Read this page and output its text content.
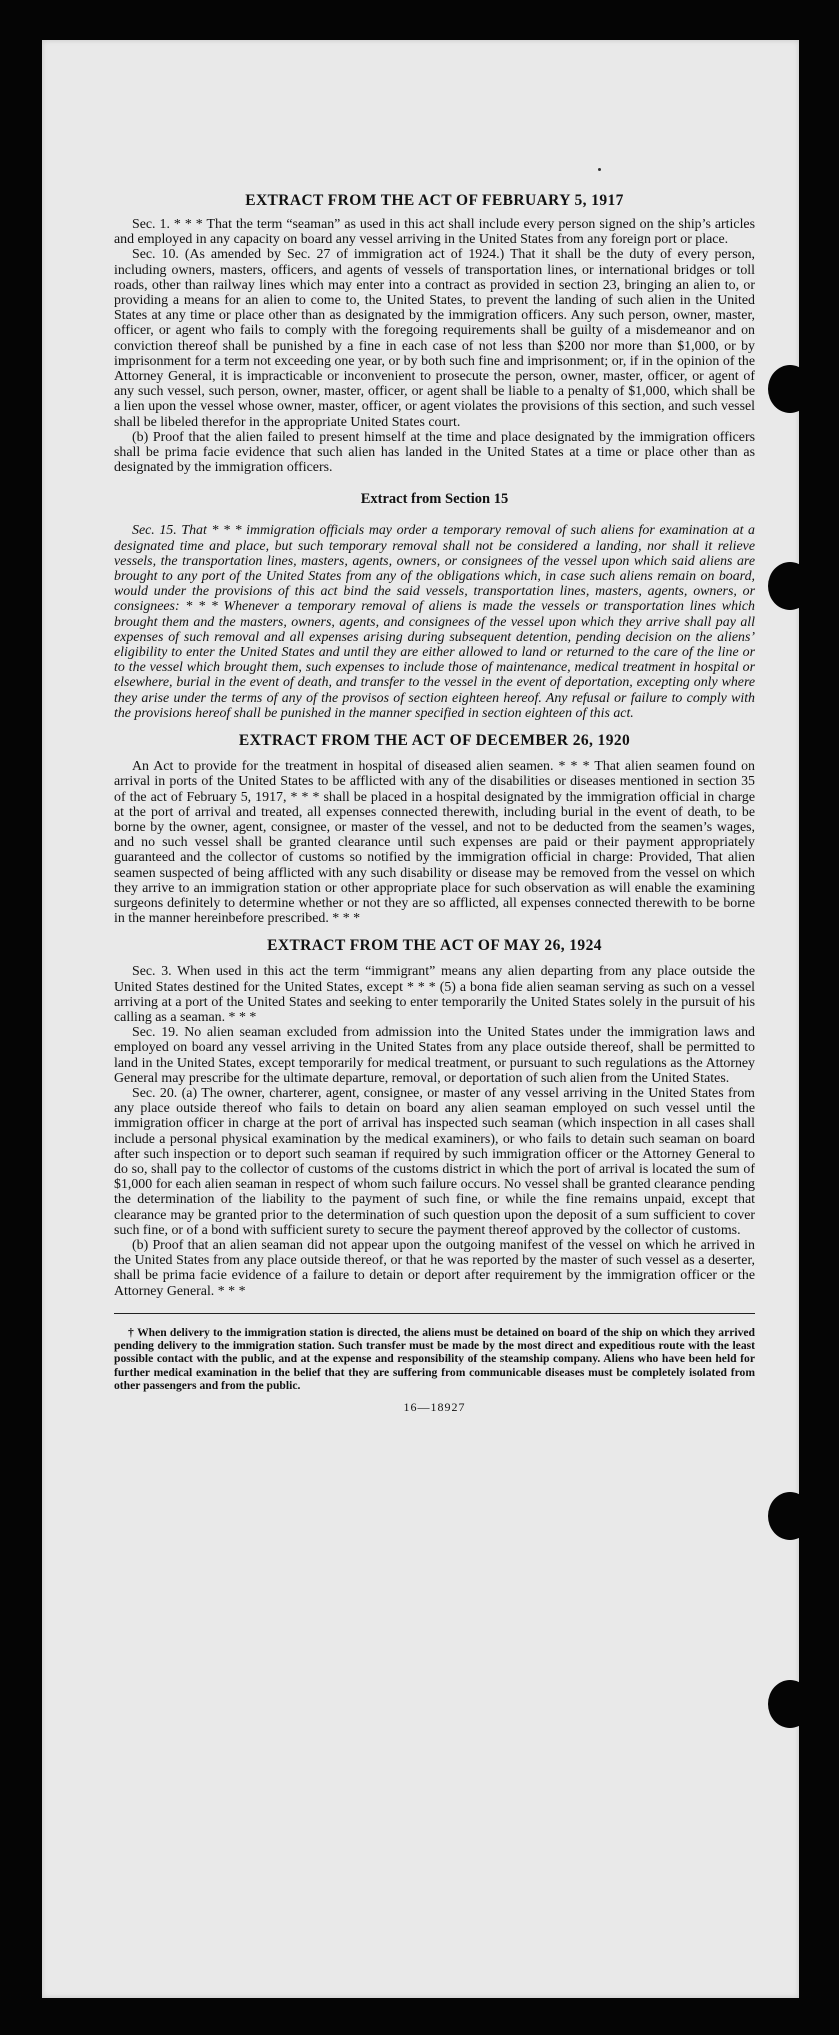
EXTRACT FROM THE ACT OF FEBRUARY 5, 1917

Sec. 1. * * * That the term “seaman” as used in this act shall include every person signed on the ship’s articles and employed in any capacity on board any vessel arriving in the United States from any foreign port or place.

Sec. 10. (As amended by Sec. 27 of immigration act of 1924.) That it shall be the duty of every person, including owners, masters, officers, and agents of vessels of transportation lines, or international bridges or toll roads, other than railway lines which may enter into a contract as provided in section 23, bringing an alien to, or providing a means for an alien to come to, the United States, to prevent the landing of such alien in the United States at any time or place other than as designated by the immigration officers. Any such person, owner, master, officer, or agent who fails to comply with the foregoing requirements shall be guilty of a misdemeanor and on conviction thereof shall be punished by a fine in each case of not less than $200 nor more than $1,000, or by imprisonment for a term not exceeding one year, or by both such fine and imprisonment; or, if in the opinion of the Attorney General, it is impracticable or inconvenient to prosecute the person, owner, master, officer, or agent of any such vessel, such person, owner, master, officer, or agent shall be liable to a penalty of $1,000, which shall be a lien upon the vessel whose owner, master, officer, or agent violates the provisions of this section, and such vessel shall be libeled therefor in the appropriate United States court.

(b) Proof that the alien failed to present himself at the time and place designated by the immigration officers shall be prima facie evidence that such alien has landed in the United States at a time or place other than as designated by the immigration officers.

Extract from Section 15

Sec. 15. That * * * immigration officials may order a temporary removal of such aliens for examination at a designated time and place, but such temporary removal shall not be considered a landing, nor shall it relieve vessels, the transportation lines, masters, agents, owners, or consignees of the vessel upon which said aliens are brought to any port of the United States from any of the obligations which, in case such aliens remain on board, would under the provisions of this act bind the said vessels, transportation lines, masters, agents, owners, or consignees: * * * Whenever a temporary removal of aliens is made the vessels or transportation lines which brought them and the masters, owners, agents, and consignees of the vessel upon which they arrive shall pay all expenses of such removal and all expenses arising during subsequent detention, pending decision on the aliens’ eligibility to enter the United States and until they are either allowed to land or returned to the care of the line or to the vessel which brought them, such expenses to include those of maintenance, medical treatment in hospital or elsewhere, burial in the event of death, and transfer to the vessel in the event of deportation, excepting only where they arise under the terms of any of the provisos of section eighteen hereof. Any refusal or failure to comply with the provisions hereof shall be punished in the manner specified in section eighteen of this act.

EXTRACT FROM THE ACT OF DECEMBER 26, 1920

An Act to provide for the treatment in hospital of diseased alien seamen. * * * That alien seamen found on arrival in ports of the United States to be afflicted with any of the disabilities or diseases mentioned in section 35 of the act of February 5, 1917, * * * shall be placed in a hospital designated by the immigration official in charge at the port of arrival and treated, all expenses connected therewith, including burial in the event of death, to be borne by the owner, agent, consignee, or master of the vessel, and not to be deducted from the seamen’s wages, and no such vessel shall be granted clearance until such expenses are paid or their payment appropriately guaranteed and the collector of customs so notified by the immigration official in charge: Provided, That alien seamen suspected of being afflicted with any such disability or disease may be removed from the vessel on which they arrive to an immigration station or other appropriate place for such observation as will enable the examining surgeons definitely to determine whether or not they are so afflicted, all expenses connected therewith to be borne in the manner hereinbefore prescribed. * * *

EXTRACT FROM THE ACT OF MAY 26, 1924

Sec. 3. When used in this act the term “immigrant” means any alien departing from any place outside the United States destined for the United States, except * * * (5) a bona fide alien seaman serving as such on a vessel arriving at a port of the United States and seeking to enter temporarily the United States solely in the pursuit of his calling as a seaman. * * *

Sec. 19. No alien seaman excluded from admission into the United States under the immigration laws and employed on board any vessel arriving in the United States from any place outside thereof, shall be permitted to land in the United States, except temporarily for medical treatment, or pursuant to such regulations as the Attorney General may prescribe for the ultimate departure, removal, or deportation of such alien from the United States.

Sec. 20. (a) The owner, charterer, agent, consignee, or master of any vessel arriving in the United States from any place outside thereof who fails to detain on board any alien seaman employed on such vessel until the immigration officer in charge at the port of arrival has inspected such seaman (which inspection in all cases shall include a personal physical examination by the medical examiners), or who fails to detain such seaman on board after such inspection or to deport such seaman if required by such immigration officer or the Attorney General to do so, shall pay to the collector of customs of the customs district in which the port of arrival is located the sum of $1,000 for each alien seaman in respect of whom such failure occurs. No vessel shall be granted clearance pending the determination of the liability to the payment of such fine, or while the fine remains unpaid, except that clearance may be granted prior to the determination of such question upon the deposit of a sum sufficient to cover such fine, or of a bond with sufficient surety to secure the payment thereof approved by the collector of customs.

(b) Proof that an alien seaman did not appear upon the outgoing manifest of the vessel on which he arrived in the United States from any place outside thereof, or that he was reported by the master of such vessel as a deserter, shall be prima facie evidence of a failure to detain or deport after requirement by the immigration officer or the Attorney General. * * *

† When delivery to the immigration station is directed, the aliens must be detained on board of the ship on which they arrived pending delivery to the immigration station. Such transfer must be made by the most direct and expeditious route with the least possible contact with the public, and at the expense and responsibility of the steamship company. Aliens who have been held for further medical examination in the belief that they are suffering from communicable diseases must be completely isolated from other passengers and from the public.

16—18927
